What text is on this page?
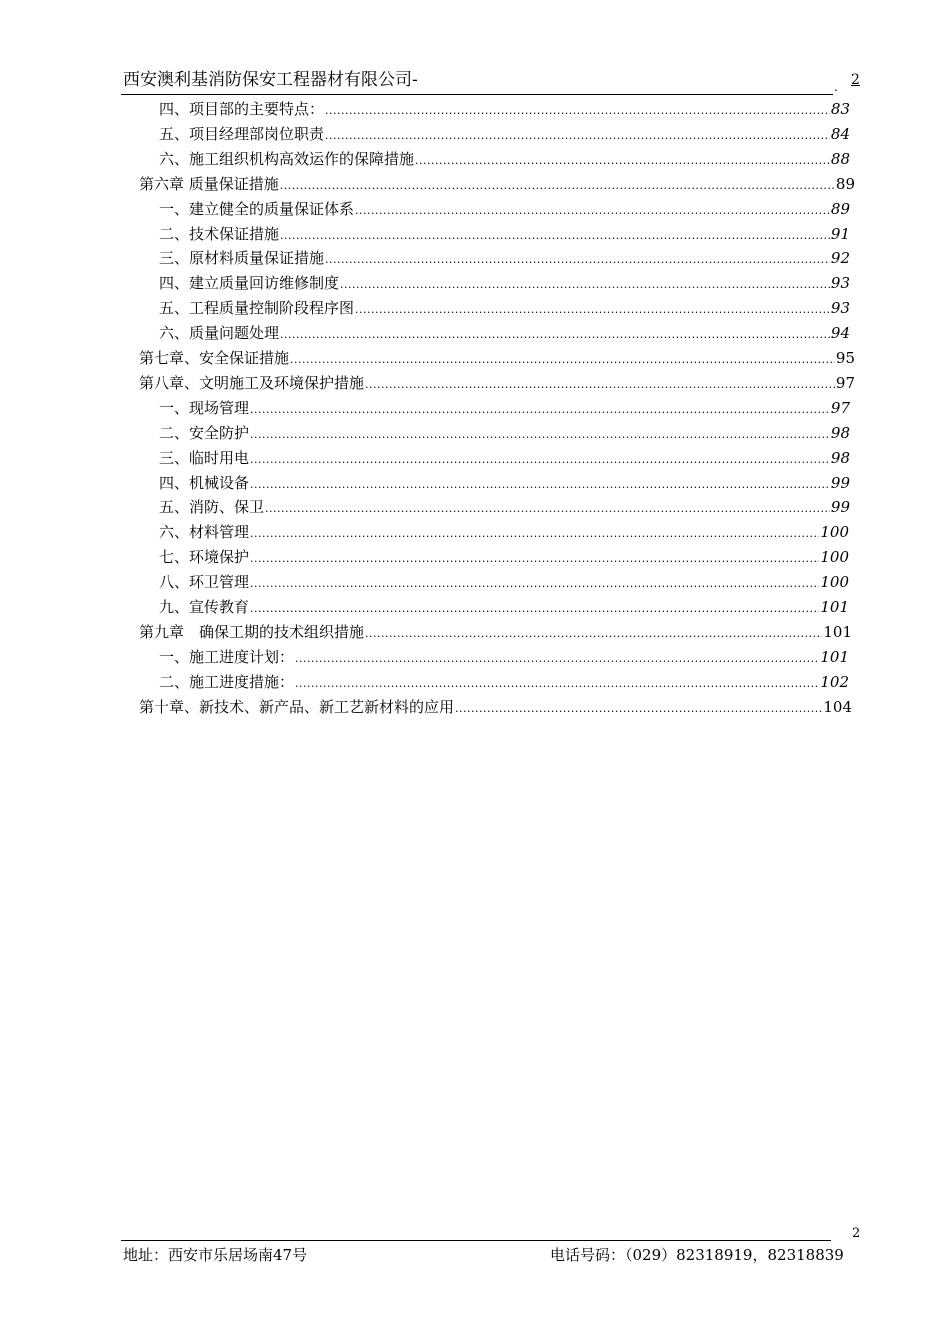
西安澳利基消防保安工程器材有限公司-	. 2
四、项目部的主要特点： .....	83
五、项目经理部岗位职责 .....	84
六、施工组织机构高效运作的保障措施 .....	88
第六章 质量保证措施 .....	89
一、建立健全的质量保证体系 .....	89
二、技术保证措施 .....	91
三、原材料质量保证措施 .....	92
四、建立质量回访维修制度 .....	93
五、工程质量控制阶段程序图 .....	93
六、质量问题处理 .....	94
第七章、安全保证措施 .....	95
第八章、文明施工及环境保护措施 .....	97
一、现场管理 .....	97
二、安全防护 .....	98
三、临时用电 .....	98
四、机械设备 .....	99
五、消防、保卫 .....	99
六、材料管理 .....	100
七、环境保护 .....	100
八、环卫管理 .....	100
九、宣传教育 .....	101
第九章　确保工期的技术组织措施 .....	101
一、施工进度计划： .....	101
二、施工进度措施： .....	102
第十章、新技术、新产品、新工艺新材料的应用 .....	104
2
地址：西安市乐居场南47号	电话号码：（029）82318919，82318839
